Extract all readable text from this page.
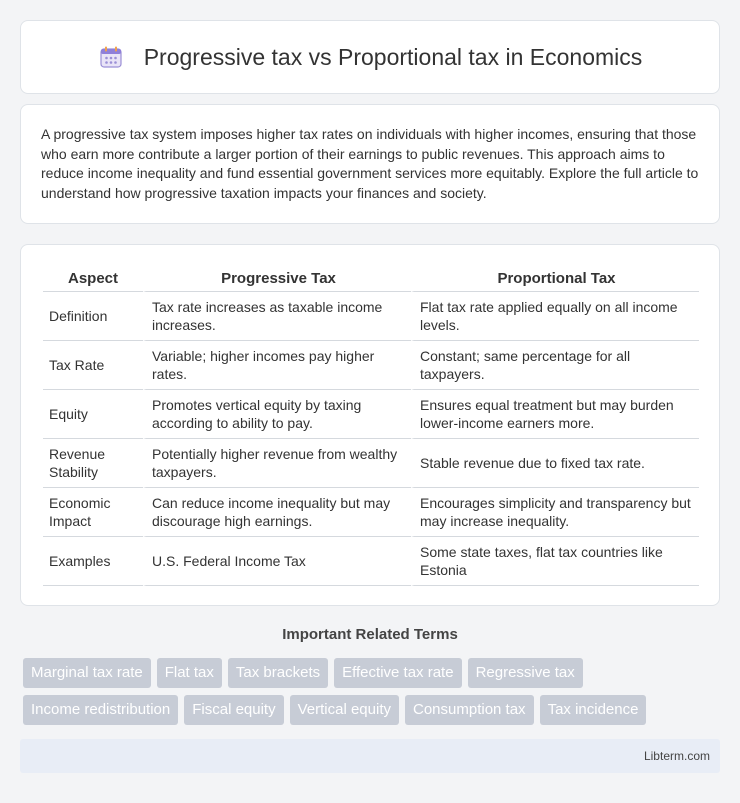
Progressive tax vs Proportional tax in Economics

A progressive tax system imposes higher tax rates on individuals with higher incomes, ensuring that those who earn more contribute a larger portion of their earnings to public revenues. This approach aims to reduce income inequality and fund essential government services more equitably. Explore the full article to understand how progressive taxation impacts your finances and society.

Aspect	Progressive Tax	Proportional Tax
Definition	Tax rate increases as taxable income increases.	Flat tax rate applied equally on all income levels.
Tax Rate	Variable; higher incomes pay higher rates.	Constant; same percentage for all taxpayers.
Equity	Promotes vertical equity by taxing according to ability to pay.	Ensures equal treatment but may burden lower-income earners more.
Revenue Stability	Potentially higher revenue from wealthy taxpayers.	Stable revenue due to fixed tax rate.
Economic Impact	Can reduce income inequality but may discourage high earnings.	Encourages simplicity and transparency but may increase inequality.
Examples	U.S. Federal Income Tax	Some state taxes, flat tax countries like Estonia
Important Related Terms
Marginal tax rate	Flat tax	Tax brackets	Effective tax rate	Regressive tax
Income redistribution	Fiscal equity	Vertical equity	Consumption tax	Tax incidence
Libterm.com
